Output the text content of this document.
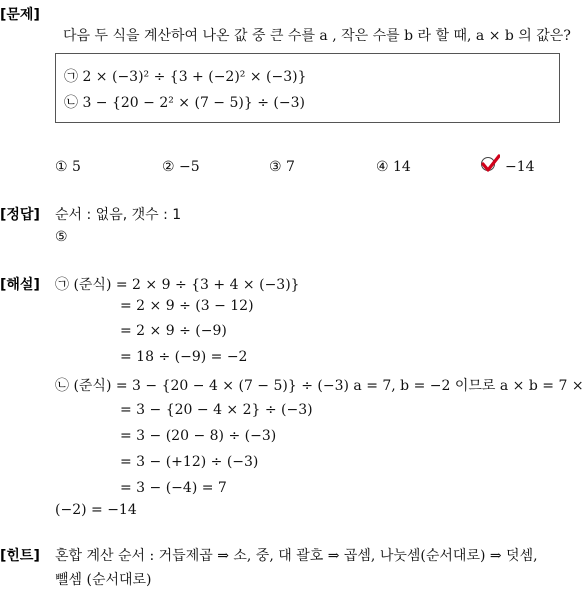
[문제]
다음 두 식을 계산하여 나온 값 중 큰 수를 a , 작은 수를 b 라 할 때, a × b 의 값은?
㉠ 2 × (−3)² ÷ {3 + (−2)² × (−3)}
㉡ 3 − {20 − 2² × (7 − 5)} ÷ (−3)
① 5	② −5	③ 7	④ 14	−14
[정답] 순서 : 없음, 갯수 : 1
⑤
[해설] ㉠ (준식) = 2 × 9 ÷ {3 + 4 × (−3)}
= 2 × 9 ÷ (3 − 12)
= 2 × 9 ÷ (−9)
= 18 ÷ (−9) = −2
㉡ (준식) = 3 − {20 − 4 × (7 − 5)} ÷ (−3) a = 7, b = −2 이므로 a × b = 7 ×
= 3 − {20 − 4 × 2} ÷ (−3)
= 3 − (20 − 8) ÷ (−3)
= 3 − (+12) ÷ (−3)
= 3 − (−4) = 7
(−2) = −14
[힌트] 혼합 계산 순서 : 거듭제곱 ⇒ 소, 중, 대 괄호 ⇒ 곱셈, 나눗셈(순서대로) ⇒ 덧셈,
뺄셈 (순서대로)
